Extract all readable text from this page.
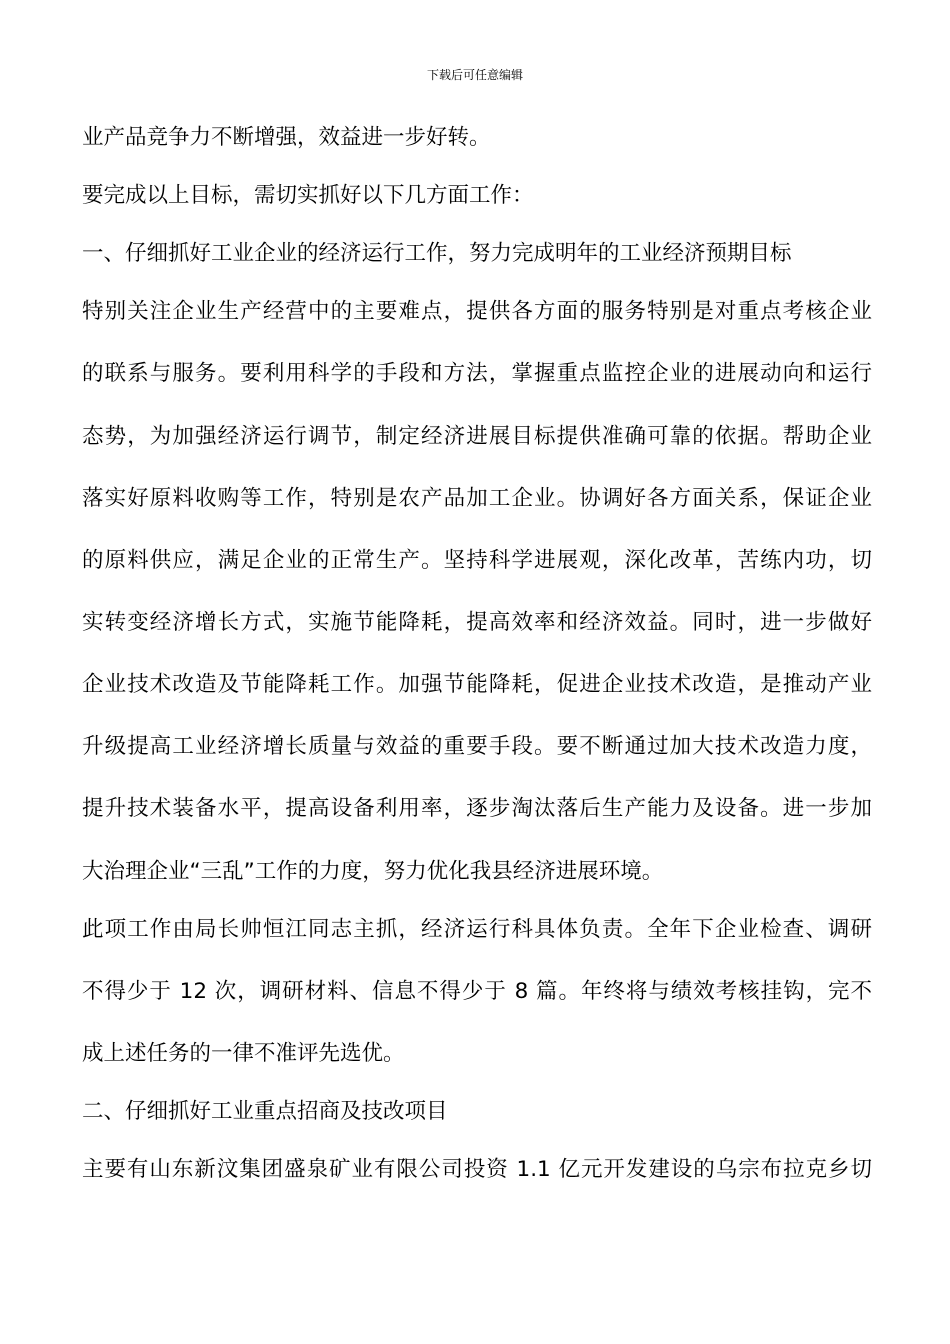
下载后可任意编辑
业产品竞争力不断增强，效益进一步好转。
要完成以上目标，需切实抓好以下几方面工作：
一、仔细抓好工业企业的经济运行工作，努力完成明年的工业经济预期目标
特别关注企业生产经营中的主要难点，提供各方面的服务特别是对重点考核企业
的联系与服务。要利用科学的手段和方法，掌握重点监控企业的进展动向和运行
态势，为加强经济运行调节，制定经济进展目标提供准确可靠的依据。帮助企业
落实好原料收购等工作，特别是农产品加工企业。协调好各方面关系，保证企业
的原料供应，满足企业的正常生产。坚持科学进展观，深化改革，苦练内功，切
实转变经济增长方式，实施节能降耗，提高效率和经济效益。同时，进一步做好
企业技术改造及节能降耗工作。加强节能降耗，促进企业技术改造，是推动产业
升级提高工业经济增长质量与效益的重要手段。要不断通过加大技术改造力度，
提升技术装备水平，提高设备利用率，逐步淘汰落后生产能力及设备。进一步加
大治理企业“三乱”工作的力度，努力优化我县经济进展环境。
此项工作由局长帅恒江同志主抓，经济运行科具体负责。全年下企业检查、调研
不得少于 12 次，调研材料、信息不得少于 8 篇。年终将与绩效考核挂钩，完不
成上述任务的一律不准评先选优。
二、仔细抓好工业重点招商及技改项目
主要有山东新汶集团盛泉矿业有限公司投资 1.1 亿元开发建设的乌宗布拉克乡切
